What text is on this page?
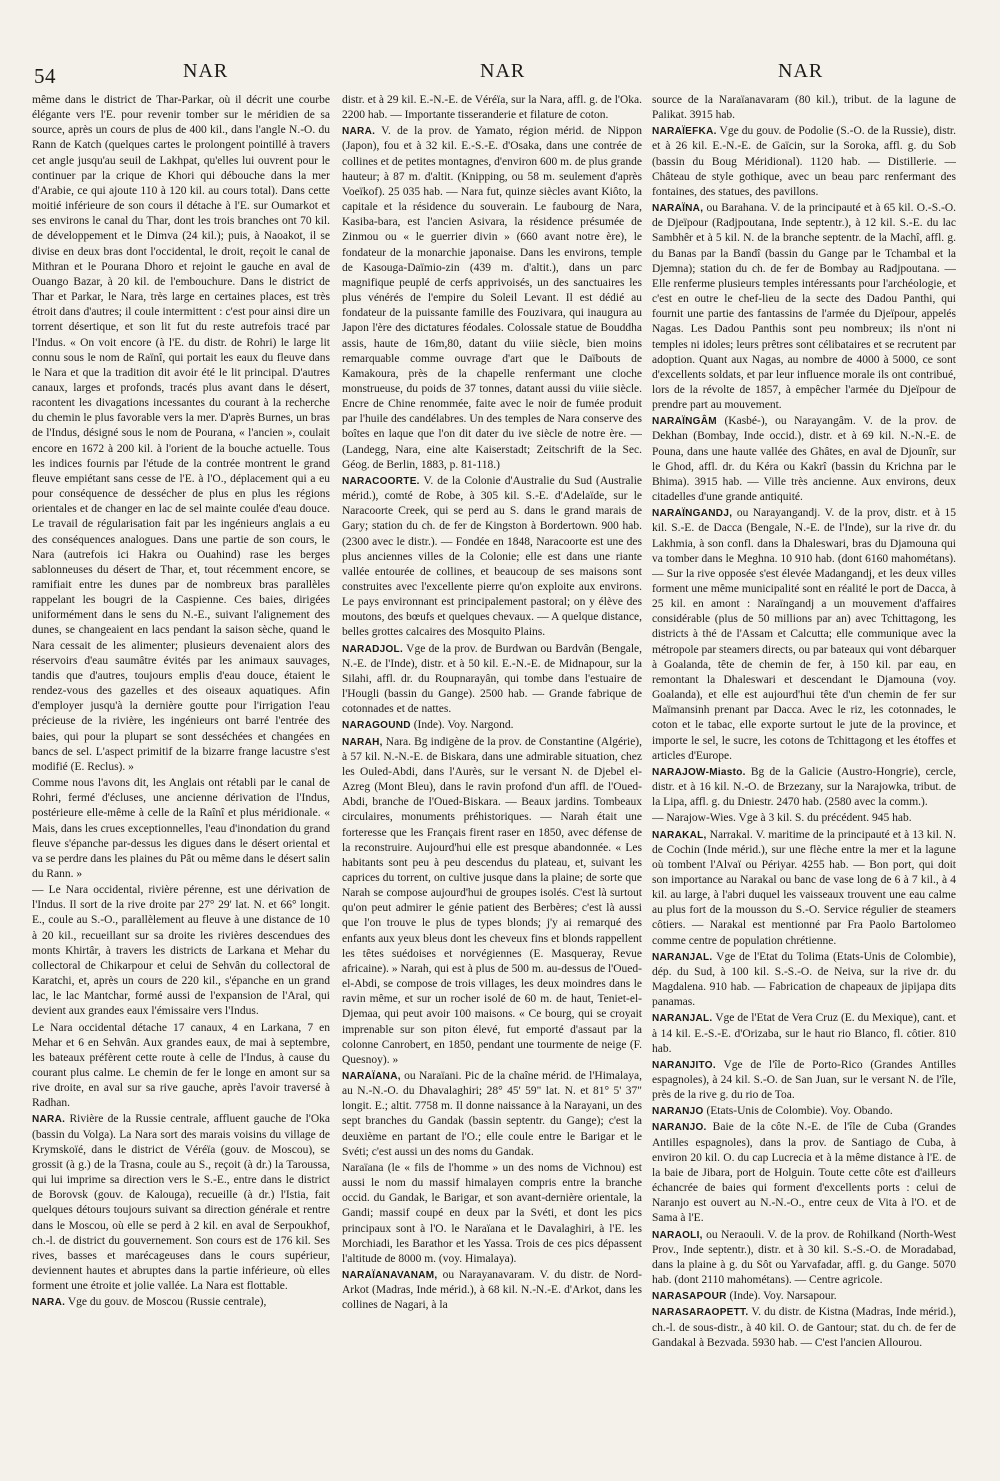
54	NAR	NAR	NAR

même dans le district de Thar-Parkar, où il décrit une courbe élégante vers l'E. pour revenir tomber sur le méridien de sa source, après un cours de plus de 400 kil., dans l'angle N.-O. du Rann de Katch (quelques cartes le prolongent pointillé à travers cet angle jusqu'au seuil de Lakhpat, qu'elles lui ouvrent pour le continuer par la crique de Khori qui débouche dans la mer d'Arabie, ce qui ajoute 110 à 120 kil. au cours total). Dans cette moitié inférieure de son cours il détache à l'E. sur Oumarkot et ses environs le canal du Thar, dont les trois branches ont 70 kil. de développement et le Dimva (24 kil.); puis, à Naoakot, il se divise en deux bras dont l'occidental, le droit, reçoit le canal de Mithran et le Pourana Dhoro et rejoint le gauche en aval de Ouango Bazar, à 20 kil. de l'embouchure. Dans le district de Thar et Parkar, le Nara, très large en certaines places, est très étroit dans d'autres; il coule intermittent : c'est pour ainsi dire un torrent désertique, et son lit fut du reste autrefois tracé par l'Indus. « On voit encore (à l'E. du distr. de Rohri) le large lit connu sous le nom de Raïnî, qui portait les eaux du fleuve dans le Nara et que la tradition dit avoir été le lit principal. D'autres canaux, larges et profonds, tracés plus avant dans le désert, racontent les divagations incessantes du courant à la recherche du chemin le plus favorable vers la mer. D'après Burnes, un bras de l'Indus, désigné sous le nom de Pourana, « l'ancien », coulait encore en 1672 à 200 kil. à l'orient de la bouche actuelle. Tous les indices fournis par l'étude de la contrée montrent le grand fleuve empiétant sans cesse de l'E. à l'O., déplacement qui a eu pour conséquence de dessécher de plus en plus les régions orientales et de changer en lac de sel mainte coulée d'eau douce. Le travail de régularisation fait par les ingénieurs anglais a eu des conséquences analogues. Dans une partie de son cours, le Nara (autrefois ici Hakra ou Ouahind) rase les berges sablonneuses du désert de Thar, et, tout récemment encore, se ramifiait entre les dunes par de nombreux bras parallèles rappelant les bougri de la Caspienne. Ces baies, dirigées uniformément dans le sens du N.-E., suivant l'alignement des dunes, se changeaient en lacs pendant la saison sèche, quand le Nara cessait de les alimenter; plusieurs devenaient alors des réservoirs d'eau saumâtre évités par les animaux sauvages, tandis que d'autres, toujours emplis d'eau douce, étaient le rendez-vous des gazelles et des oiseaux aquatiques. Afin d'employer jusqu'à la dernière goutte pour l'irrigation l'eau précieuse de la rivière, les ingénieurs ont barré l'entrée des baies, qui pour la plupart se sont desséchées et changées en bancs de sel. L'aspect primitif de la bizarre frange lacustre s'est modifié (E. Reclus). »

Comme nous l'avons dit, les Anglais ont rétabli par le canal de Rohri, fermé d'écluses, une ancienne dérivation de l'Indus, postérieure elle-même à celle de la Raînî et plus méridionale. « Mais, dans les crues exceptionnelles, l'eau d'inondation du grand fleuve s'épanche par-dessus les digues dans le désert oriental et va se perdre dans les plaines du Pât ou même dans le désert salin du Rann. »

— Le Nara occidental, rivière pérenne, est une dérivation de l'Indus. Il sort de la rive droite par 27° 29' lat. N. et 66° longit. E., coule au S.-O., parallèlement au fleuve à une distance de 10 à 20 kil., recueillant sur sa droite les rivières descendues des monts Khirtâr, à travers les districts de Larkana et Mehar du collectoral de Chikarpour et celui de Sehvân du collectoral de Karatchi, et, après un cours de 220 kil., s'épanche en un grand lac, le lac Mantchar, formé aussi de l'expansion de l'Aral, qui devient aux grandes eaux l'émissaire vers l'Indus.

Le Nara occidental détache 17 canaux, 4 en Larkana, 7 en Mehar et 6 en Sehvân. Aux grandes eaux, de mai à septembre, les bateaux préfèrent cette route à celle de l'Indus, à cause du courant plus calme. Le chemin de fer le longe en amont sur sa rive droite, en aval sur sa rive gauche, après l'avoir traversé à Radhan.

NARA. Rivière de la Russie centrale, affluent gauche de l'Oka (bassin du Volga). La Nara sort des marais voisins du village de Krymskoïé, dans le district de Véréïa (gouv. de Moscou), se grossit (à g.) de la Trasna, coule au S., reçoit (à dr.) la Taroussa, qui lui imprime sa direction vers le S.-E., entre dans le district de Borovsk (gouv. de Kalouga), recueille (à dr.) l'Istia, fait quelques détours toujours suivant sa direction générale et rentre dans le Moscou, où elle se perd à 2 kil. en aval de Serpoukhof, ch.-l. de district du gouvernement. Son cours est de 176 kil. Ses rives, basses et marécageuses dans le cours supérieur, deviennent hautes et abruptes dans la partie inférieure, où elles forment une étroite et jolie vallée. La Nara est flottable.

NARA. Vge du gouv. de Moscou (Russie centrale),

distr. et à 29 kil. E.-N.-E. de Véréïa, sur la Nara, affl. g. de l'Oka. 2200 hab. — Importante tisseranderie et filature de coton.

NARA. V. de la prov. de Yamato, région mérid. de Nippon (Japon), fou et à 32 kil. E.-S.-E. d'Osaka, dans une contrée de collines et de petites montagnes, d'environ 600 m. de plus grande hauteur; à 87 m. d'altit. (Knipping, ou 58 m. seulement d'après Voeïkof). 25 035 hab. — Nara fut, quinze siècles avant Kiôto, la capitale et la résidence du souverain. Le faubourg de Nara, Kasiba-bara, est l'ancien Asivara, la résidence présumée de Zinmou ou « le guerrier divin » (660 avant notre ère), le fondateur de la monarchie japonaise. Dans les environs, temple de Kasouga-Daïmio-zin (439 m. d'altit.), dans un parc magnifique peuplé de cerfs apprivoisés, un des sanctuaires les plus vénérés de l'empire du Soleil Levant. Il est dédié au fondateur de la puissante famille des Fouzivara, qui inaugura au Japon l'ère des dictatures féodales. Colossale statue de Bouddha assis, haute de 16m,80, datant du viiie siècle, bien moins remarquable comme ouvrage d'art que le Daïbouts de Kamakoura, près de la chapelle renfermant une cloche monstrueuse, du poids de 37 tonnes, datant aussi du viiie siècle. Encre de Chine renommée, faite avec le noir de fumée produit par l'huile des candélabres. Un des temples de Nara conserve des boîtes en laque que l'on dit dater du ive siècle de notre ère. — (Landegg, Nara, eine alte Kaiserstadt; Zeitschrift de la Sec. Géog. de Berlin, 1883, p. 81-118.)

NARACOORTE. V. de la Colonie d'Australie du Sud (Australie mérid.), comté de Robe, à 305 kil. S.-E. d'Adelaïde, sur le Naracoorte Creek, qui se perd au S. dans le grand marais de Gary; station du ch. de fer de Kingston à Bordertown. 900 hab. (2300 avec le distr.). — Fondée en 1848, Naracoorte est une des plus anciennes villes de la Colonie; elle est dans une riante vallée entourée de collines, et beaucoup de ses maisons sont construites avec l'excellente pierre qu'on exploite aux environs. Le pays environnant est principalement pastoral; on y élève des moutons, des bœufs et quelques chevaux. — A quelque distance, belles grottes calcaires des Mosquito Plains.

NARADJOL. Vge de la prov. de Burdwan ou Bardvân (Bengale, N.-E. de l'Inde), distr. et à 50 kil. E.-N.-E. de Midnapour, sur la Silahi, affl. dr. du Roupnarayân, qui tombe dans l'estuaire de l'Hougli (bassin du Gange). 2500 hab. — Grande fabrique de cotonnades et de nattes.

NARAGOUND (Inde). Voy. Nargond.

NARAH, Nara. Bg indigène de la prov. de Constantine (Algérie), à 57 kil. N.-N.-E. de Biskara, dans une admirable situation, chez les Ouled-Abdi, dans l'Aurès, sur le versant N. de Djebel el-Azreg (Mont Bleu), dans le ravin profond d'un affl. de l'Oued-Abdi, branche de l'Oued-Biskara. — Beaux jardins. Tombeaux circulaires, monuments préhistoriques. — Narah était une forteresse que les Français firent raser en 1850, avec défense de la reconstruire. Aujourd'hui elle est presque abandonnée. « Les habitants sont peu à peu descendus du plateau, et, suivant les caprices du torrent, on cultive jusque dans la plaine; de sorte que Narah se compose aujourd'hui de groupes isolés. C'est là surtout qu'on peut admirer le génie patient des Berbères; c'est là aussi que l'on trouve le plus de types blonds; j'y ai remarqué des enfants aux yeux bleus dont les cheveux fins et blonds rappellent les têtes suédoises et norvégiennes (E. Masqueray, Revue africaine). » Narah, qui est à plus de 500 m. au-dessus de l'Oued-el-Abdi, se compose de trois villages, les deux moindres dans le ravin même, et sur un rocher isolé de 60 m. de haut, Teniet-el-Djemaa, qui peut avoir 100 maisons. « Ce bourg, qui se croyait imprenable sur son piton élevé, fut emporté d'assaut par la colonne Canrobert, en 1850, pendant une tourmente de neige (F. Quesnoy). »

NARAÏANA, ou Naraïani. Pic de la chaîne mérid. de l'Himalaya, au N.-N.-O. du Dhavalaghiri; 28° 45' 59" lat. N. et 81° 5' 37" longit. E.; altit. 7758 m. Il donne naissance à la Narayani, un des sept branches du Gandak (bassin septentr. du Gange); c'est la deuxième en partant de l'O.; elle coule entre le Barigar et le Svéti; c'est aussi un des noms du Gandak.

Naraïana (le « fils de l'homme » un des noms de Vichnou) est aussi le nom du massif himalayen compris entre la branche occid. du Gandak, le Barigar, et son avant-dernière orientale, la Gandi; massif coupé en deux par la Svéti, et dont les pics principaux sont à l'O. le Naraïana et le Davalaghiri, à l'E. les Morchiadi, les Barathor et les Yassa. Trois de ces pics dépassent l'altitude de 8000 m. (voy. Himalaya).

NARAÏANAVANAM, ou Narayanavaram. V. du distr. de Nord-Arkot (Madras, Inde mérid.), à 68 kil. N.-N.-E. d'Arkot, dans les collines de Nagari, à la

source de la Naraïanavaram (80 kil.), tribut. de la lagune de Palikat. 3915 hab.

NARAÏEFKA. Vge du gouv. de Podolie (S.-O. de la Russie), distr. et à 26 kil. E.-N.-E. de Gaïcin, sur la Soroka, affl. g. du Sob (bassin du Boug Méridional). 1120 hab. — Distillerie. — Château de style gothique, avec un beau parc renfermant des fontaines, des statues, des pavillons.

NARAÏNA, ou Barahana. V. de la principauté et à 65 kil. O.-S.-O. de Djeïpour (Radjpoutana, Inde septentr.), à 12 kil. S.-E. du lac Sambhêr et à 5 kil. N. de la branche septentr. de la Machî, affl. g. du Banas par la Bandî (bassin du Gange par le Tchambal et la Djemna); station du ch. de fer de Bombay au Radjpoutana. — Elle renferme plusieurs temples intéressants pour l'archéologie, et c'est en outre le chef-lieu de la secte des Dadou Panthi, qui fournit une partie des fantassins de l'armée du Djeïpour, appelés Nagas. Les Dadou Panthis sont peu nombreux; ils n'ont ni temples ni idoles; leurs prêtres sont célibataires et se recrutent par adoption. Quant aux Nagas, au nombre de 4000 à 5000, ce sont d'excellents soldats, et par leur influence morale ils ont contribué, lors de la révolte de 1857, à empêcher l'armée du Djeïpour de prendre part au mouvement.

NARAÏNGÂM (Kasbé-), ou Narayangâm. V. de la prov. de Dekhan (Bombay, Inde occid.), distr. et à 69 kil. N.-N.-E. de Pouna, dans une haute vallée des Ghâtes, en aval de Djounîr, sur le Ghod, affl. dr. du Kéra ou Kakrî (bassin du Krichna par le Bhima). 3915 hab. — Ville très ancienne. Aux environs, deux citadelles d'une grande antiquité.

NARAÏNGANDJ, ou Narayangandj. V. de la prov, distr. et à 15 kil. S.-E. de Dacca (Bengale, N.-E. de l'Inde), sur la rive dr. du Lakhmia, à son confl. dans la Dhaleswari, bras du Djamouna qui va tomber dans le Meghna. 10 910 hab. (dont 6160 mahométans). — Sur la rive opposée s'est élevée Madangandj, et les deux villes forment une même municipalité sont en réalité le port de Dacca, à 25 kil. en amont : Naraïngandj a un mouvement d'affaires considérable (plus de 50 millions par an) avec Tchittagong, les districts à thé de l'Assam et Calcutta; elle communique avec la métropole par steamers directs, ou par bateaux qui vont débarquer à Goalanda, tête de chemin de fer, à 150 kil. par eau, en remontant la Dhaleswari et descendant le Djamouna (voy. Goalanda), et elle est aujourd'hui tête d'un chemin de fer sur Maïmansinh prenant par Dacca. Avec le riz, les cotonnades, le coton et le tabac, elle exporte surtout le jute de la province, et importe le sel, le sucre, les cotons de Tchittagong et les étoffes et articles d'Europe.

NARAJOW-Miasto. Bg de la Galicie (Austro-Hongrie), cercle, distr. et à 16 kil. N.-O. de Brzezany, sur la Narajowka, tribut. de la Lipa, affl. g. du Dniestr. 2470 hab. (2580 avec la comm.).

— Narajow-Wies. Vge à 3 kil. S. du précédent. 945 hab.

NARAKAL, Narrakal. V. maritime de la principauté et à 13 kil. N. de Cochin (Inde mérid.), sur une flèche entre la mer et la lagune où tombent l'Alvaï ou Périyar. 4255 hab. — Bon port, qui doit son importance au Narakal ou banc de vase long de 6 à 7 kil., à 4 kil. au large, à l'abri duquel les vaisseaux trouvent une eau calme au plus fort de la mousson du S.-O. Service régulier de steamers côtiers. — Narakal est mentionné par Fra Paolo Bartolomeo comme centre de population chrétienne.

NARANJAL. Vge de l'Etat du Tolima (Etats-Unis de Colombie), dép. du Sud, à 100 kil. S.-S.-O. de Neiva, sur la rive dr. du Magdalena. 910 hab. — Fabrication de chapeaux de jipijapa dits panamas.

NARANJAL. Vge de l'Etat de Vera Cruz (E. du Mexique), cant. et à 14 kil. E.-S.-E. d'Orizaba, sur le haut rio Blanco, fl. côtier. 810 hab.

NARANJITO. Vge de l'île de Porto-Rico (Grandes Antilles espagnoles), à 24 kil. S.-O. de San Juan, sur le versant N. de l'île, près de la rive g. du rio de Toa.

NARANJO (Etats-Unis de Colombie). Voy. Obando.

NARANJO. Baie de la côte N.-E. de l'île de Cuba (Grandes Antilles espagnoles), dans la prov. de Santiago de Cuba, à environ 20 kil. O. du cap Lucrecia et à la même distance à l'E. de la baie de Jibara, port de Holguin. Toute cette côte est d'ailleurs échancrée de baies qui forment d'excellents ports : celui de Naranjo est ouvert au N.-N.-O., entre ceux de Vita à l'O. et de Sama à l'E.

NARAOLI, ou Neraouli. V. de la prov. de Rohilkand (North-West Prov., Inde septentr.), distr. et à 30 kil. S.-S.-O. de Moradabad, dans la plaine à g. du Sôt ou Yarvafadar, affl. g. du Gange. 5070 hab. (dont 2110 mahométans). — Centre agricole.

NARASAPOUR (Inde). Voy. Narsapour.

NARASARAOPETT. V. du distr. de Kistna (Madras, Inde mérid.), ch.-l. de sous-distr., à 40 kil. O. de Gantour; stat. du ch. de fer de Gandakal à Bezvada. 5930 hab. — C'est l'ancien Allourou.
